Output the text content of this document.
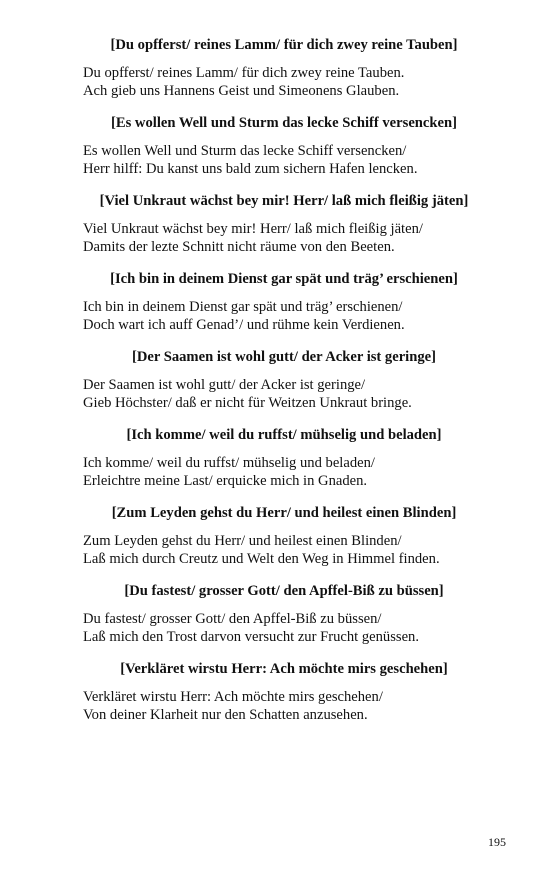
[Du opfferst/ reines Lamm/ für dich zwey reine Tauben]
Du opfferst/ reines Lamm/ für dich zwey reine Tauben.
Ach gieb uns Hannens Geist und Simeonens Glauben.
[Es wollen Well und Sturm das lecke Schiff versencken]
Es wollen Well und Sturm das lecke Schiff versencken/
Herr hilff: Du kanst uns bald zum sichern Hafen lencken.
[Viel Unkraut wächst bey mir! Herr/ laß mich fleißig jäten]
Viel Unkraut wächst bey mir! Herr/ laß mich fleißig jäten/
Damits der lezte Schnitt nicht räume von den Beeten.
[Ich bin in deinem Dienst gar spät und träg’ erschienen]
Ich bin in deinem Dienst gar spät und träg’ erschienen/
Doch wart ich auff Genad’/ und rühme kein Verdienen.
[Der Saamen ist wohl gutt/ der Acker ist geringe]
Der Saamen ist wohl gutt/ der Acker ist geringe/
Gieb Höchster/ daß er nicht für Weitzen Unkraut bringe.
[Ich komme/ weil du ruffst/ mühselig und beladen]
Ich komme/ weil du ruffst/ mühselig und beladen/
Erleichtre meine Last/ erquicke mich in Gnaden.
[Zum Leyden gehst du Herr/ und heilest einen Blinden]
Zum Leyden gehst du Herr/ und heilest einen Blinden/
Laß mich durch Creutz und Welt den Weg in Himmel finden.
[Du fastest/ grosser Gott/ den Apffel-Biß zu büssen]
Du fastest/ grosser Gott/ den Apffel-Biß zu büssen/
Laß mich den Trost darvon versucht zur Frucht genüssen.
[Verkläret wirstu Herr: Ach möchte mirs geschehen]
Verkläret wirstu Herr: Ach möchte mirs geschehen/
Von deiner Klarheit nur den Schatten anzusehen.
195
